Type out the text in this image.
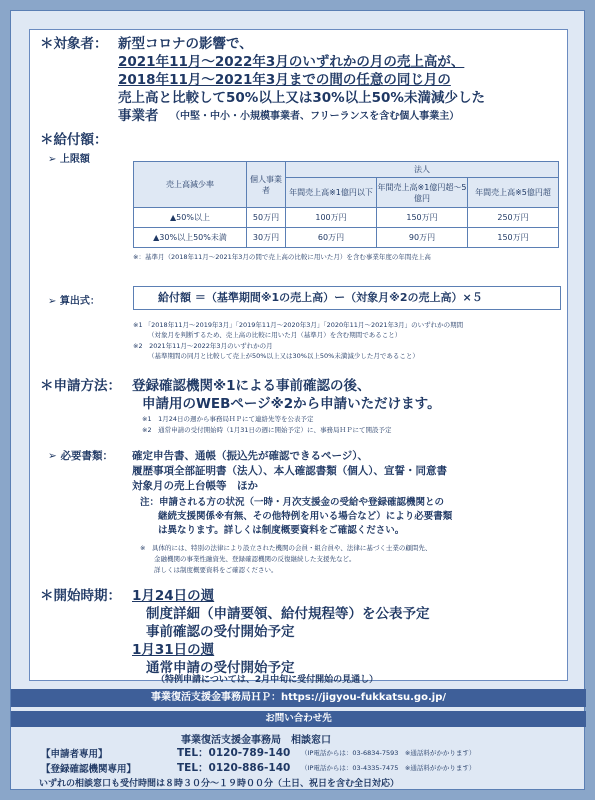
＊対象者： 新型コロナの影響で、
2021年11月～2022年3月のいずれかの月の売上高が、
2018年11月～2021年3月までの間の任意の同じ月の
売上高と比較して50%以上又は30%以上50%未満減少した
事業者 （中堅・中小・小規模事業者、フリーランスを含む個人事業主）
＊給付額：
➢ 上限額
売上高減少率	個人事業者	法人		
		年間売上高※1億円以下	年間売上高※1億円超～5億円	年間売上高※5億円超
▲50%以上	50万円	100万円	150万円	250万円
▲30%以上50%未満	30万円	60万円	90万円	150万円
※：基準月（2018年11月～2021年3月の間で売上高の比較に用いた月）を含む事業年度の年間売上高
➢ 算出式：	給付額 ＝（基準期間※1の売上高）ー（対象月※2の売上高）×５
※1 「2018年11月～2019年3月」「2019年11月～2020年3月」「2020年11月～2021年3月」のいずれかの期間
（対象月を判断するため、売上高の比較に用いた月（基準月）を含む期間であること）
※2　2021年11月～2022年3月のいずれかの月
（基準期間の同月と比較して売上が50%以上又は30%以上50%未満減少した月であること）
＊申請方法： 登録確認機関※1による事前確認の後、
申請用のWEBページ※2から申請いただけます。
※1　1月24日の週から事務局ＨＰにて連絡先等を公表予定
※2　通常申請の受付開始時（1月31日の週に開始予定）に、事務局ＨＰにて開設予定
➢ 必要書類： 確定申告書、通帳（振込先が確認できるページ）、
履歴事項全部証明書（法人）、本人確認書類（個人）、宣誓・同意書
対象月の売上台帳等　ほか
注：申請される方の状況（一時・月次支援金の受給や登録確認機関との
継続支援関係※有無、その他特例を用いる場合など）により必要書類
は異なります。詳しくは制度概要資料をご確認ください。
※　具体的には、特別の法律により設立された機関の会員・組合員や、法律に基づく士業の顧問先、
金融機関の事業性融資先、登録確認機関の反復継続した支援先など。
詳しくは制度概要資料をご確認ください。
＊開始時期： 1月24日の週
制度詳細（申請要領、給付規程等）を公表予定
事前確認の受付開始予定
1月31日の週
通常申請の受付開始予定
（特例申請については、2月中旬に受付開始の見通し）
事業復活支援金事務局ＨＰ：https://jigyou-fukkatsu.go.jp/
お問い合わせ先
事業復活支援金事務局　相談窓口
【申請者専用】	TEL：0120-789-140 （IP電話からは：03-6834-7593　※通話料がかかります）
【登録確認機関専用】	TEL：0120-886-140 （IP電話からは：03-4335-7475　※通話料がかかります）
いずれの相談窓口も受付時間は８時３０分～１９時００分（土日、祝日を含む全日対応）
